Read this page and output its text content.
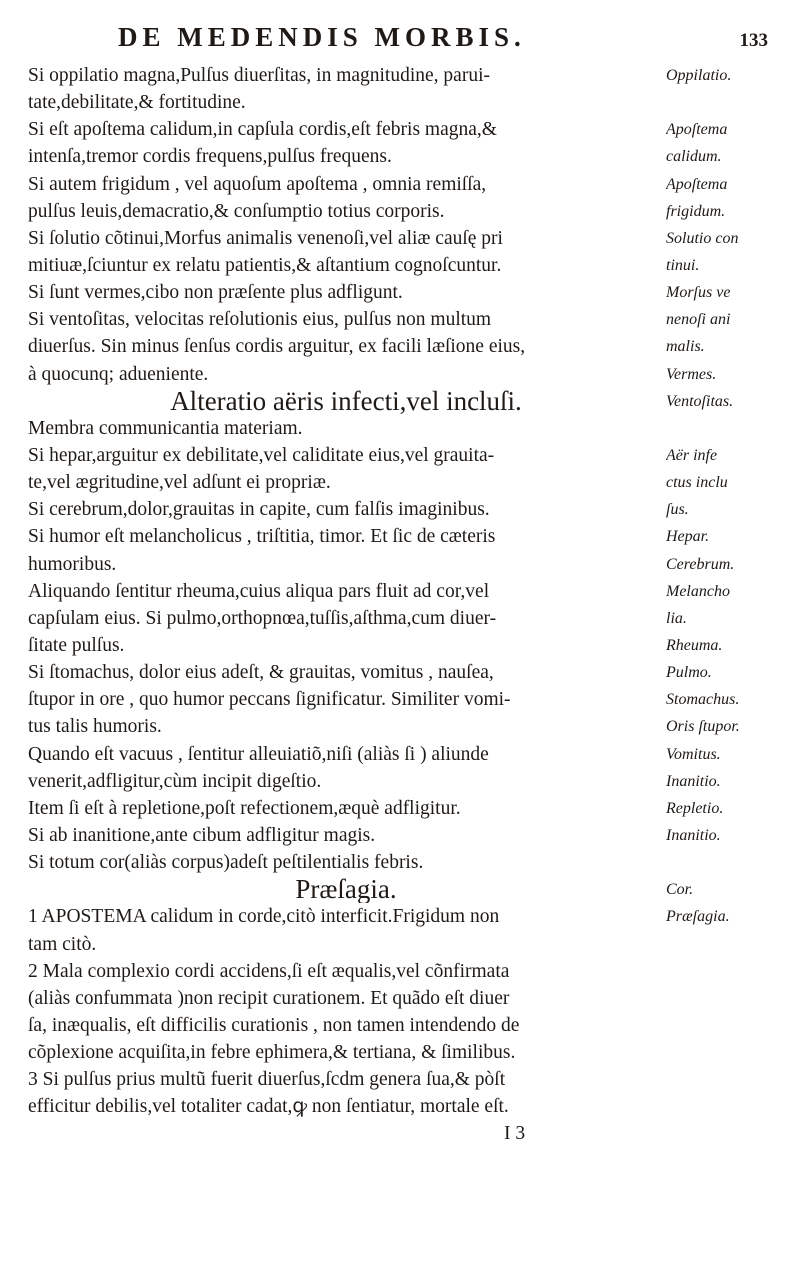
DE MEDENDIS MORBIS.	133
Si oppilatio magna,Pulſus diuerſitas, in magnitudine, parui-
tate,debilitate,& fortitudine.
Si eſt apoſtema calidum,in capſula cordis,eſt febris magna,&
intenſa,tremor cordis frequens,pulſus frequens.
Si autem frigidum , vel aquoſum apoſtema , omnia remiſſa,
pulſus leuis,demacratio,& conſumptio totius corporis.
Si ſolutio cõtinui,Morfus animalis venenoſi,vel aliæ cauſę pri
mitiuæ,ſciuntur ex relatu patientis,& aſtantium cognoſcuntur.
Si ſunt vermes,cibo non præſente plus adfligunt.
Si ventoſitas, velocitas reſolutionis eius, pulſus non multum
diuerſus. Sin minus ſenſus cordis arguitur, ex facili læſione eius,
à quocunq; adueniente.
Alteratio aëris infecti,vel incluſi.
Membra communicantia materiam.
Si hepar,arguitur ex debilitate,vel caliditate eius,vel grauita-
te,vel ægritudine,vel adſunt ei propriæ.
Si cerebrum,dolor,grauitas in capite, cum falſis imaginibus.
Si humor eſt melancholicus , triſtitia, timor. Et ſic de cæteris
humoribus.
Aliquando ſentitur rheuma,cuius aliqua pars fluit ad cor,vel
capſulam eius. Si pulmo,orthopnœa,tuſſis,aſthma,cum diuer-
ſitate pulſus.
Si ſtomachus, dolor eius adeſt, & grauitas, vomitus , nauſea,
ſtupor in ore , quo humor peccans ſignificatur. Similiter vomi-
tus talis humoris.
Quando eſt vacuus , ſentitur alleuiatiõ,niſi (aliàs ſi ) aliunde
venerit,adfligitur,cùm incipit digeſtio.
Item ſi eſt à repletione,poſt refectionem,æquè adfligitur.
Si ab inanitione,ante cibum adfligitur magis.
Si totum cor(aliàs corpus)adeſt peſtilentialis febris.
Præſagia.
1 APOSTEMA calidum in corde,citò interficit.Frigidum non
tam citò.
2 Mala complexio cordi accidens,ſi eſt æqualis,vel cõnfirmata
(aliàs confummata )non recipit curationem. Et quãdo eſt diuer
ſa, inæqualis, eſt difficilis curationis , non tamen intendendo de
cõplexione acquiſita,in febre ephimera,& tertiana, & ſimilibus.
3 Si pulſus prius multũ fuerit diuerſus,ſcdm genera ſua,& pòſt
efficitur debilis,vel totaliter cadat,ꝙ non ſentiatur, mortale eſt.
I 3
Oppilatio.
Apoſtema
calidum.
Apoſtema
frigidum.
Solutio con
tinui.
Morſus ve
nenoſi ani
malis.
Vermes.
Ventoſitas.
Aër infe
ctus inclu
ſus.
Hepar.
Cerebrum.
Melancho
lia.
Rheuma.
Pulmo.
Stomachus.
Oris ſtupor.
Vomitus.
Inanitio.
Repletio.
Inanitio.
Cor.
Præſagia.
